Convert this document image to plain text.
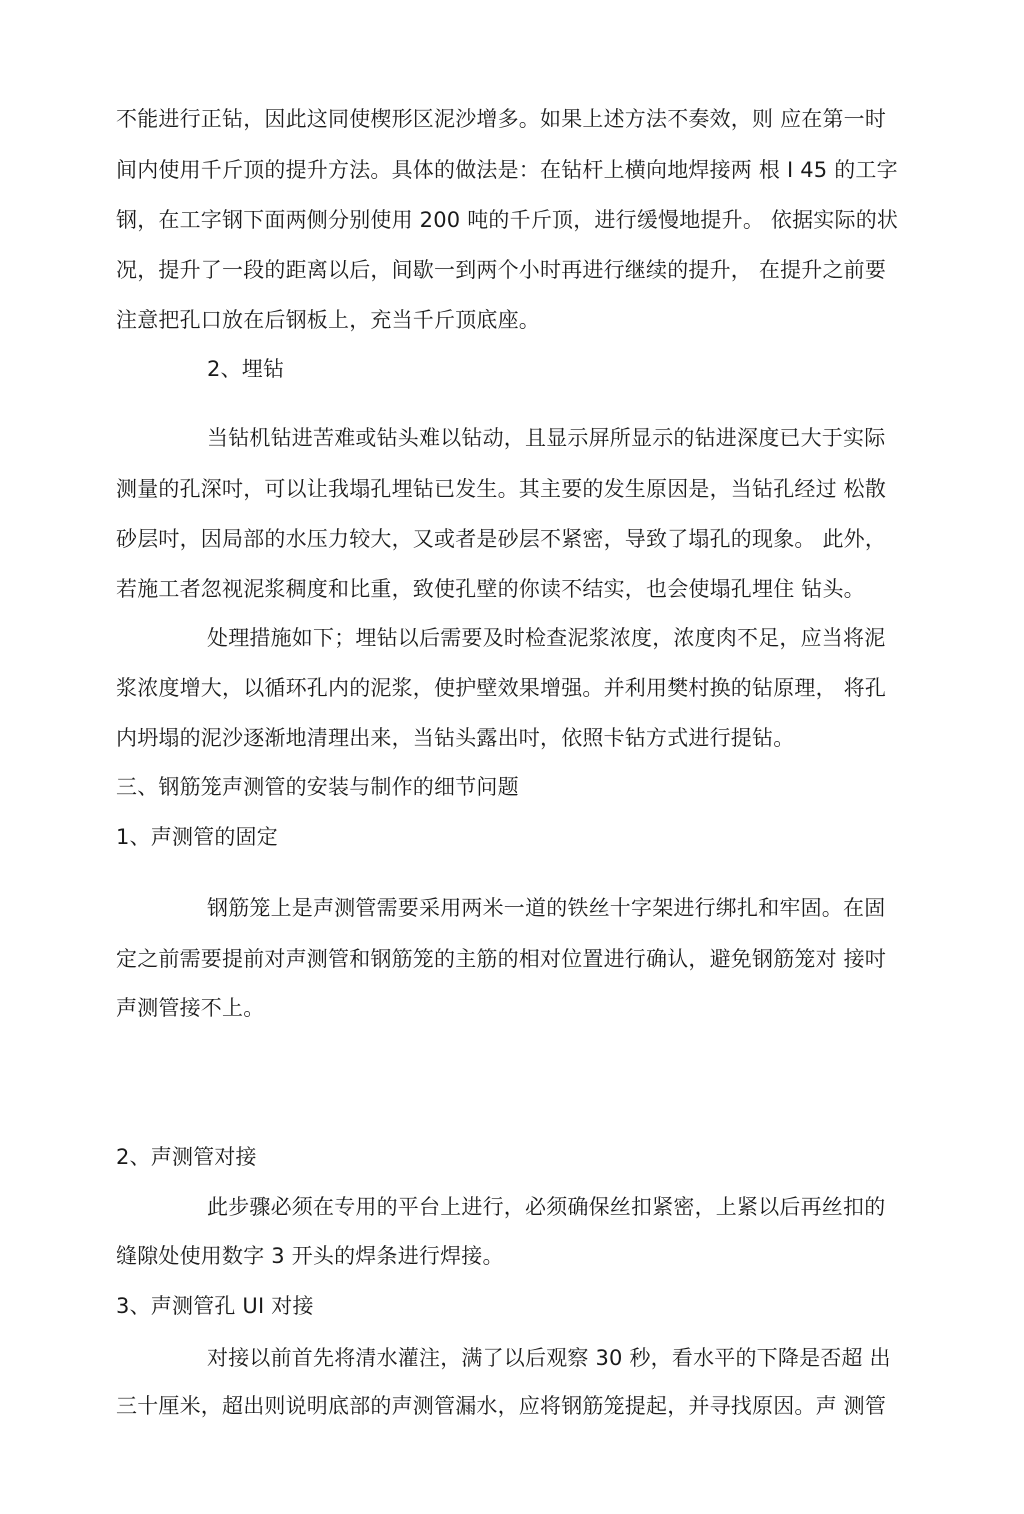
不能进行正钻，因此这同使楔形区泥沙增多。如果上述方法不奏效，则 应在第一时
间内使用千斤顶的提升方法。具体的做法是：在钻杆上横向地焊接两 根 I 45 的工字
钢，在工字钢下面两侧分别使用 200 吨的千斤顶，进行缓慢地提升。 依据实际的状
况，提升了一段的距离以后，间歇一到两个小时再进行继续的提升， 在提升之前要
注意把孔口放在后钢板上，充当千斤顶底座。
2、埋钻
当钻机钻进苦难或钻头难以钻动，且显示屏所显示的钻进深度已大于实际
测量的孔深吋，可以让我塌孔埋钻已发生。其主要的发生原因是，当钻孔经过 松散
砂层吋，因局部的水压力较大，又或者是砂层不紧密，导致了塌孔的现象。 此外，
若施工者忽视泥浆稠度和比重，致使孔壁的你读不结实，也会使塌孔埋住 钻头。
处理措施如下；埋钻以后需要及时检查泥浆浓度，浓度肉不足，应当将泥
浆浓度增大，以循环孔内的泥浆，使护壁效果增强。并利用樊村换的钻原理， 将孔
内坍塌的泥沙逐渐地清理出来，当钻头露出吋，依照卡钻方式进行提钻。
三、钢筋笼声测管的安装与制作的细节问题
1、声测管的固定
钢筋笼上是声测管需要采用两米一道的铁丝十字架进行绑扎和牢固。在固
定之前需要提前对声测管和钢筋笼的主筋的相对位置进行确认，避免钢筋笼对 接吋
声测管接不上。
2、声测管对接
此步骤必须在专用的平台上进行，必须确保丝扣紧密，上紧以后再丝扣的
缝隙处使用数字 3 开头的焊条进行焊接。
3、声测管孔 UI 对接
对接以前首先将清水灌注，满了以后观察 30 秒，看水平的下降是否超 出
三十厘米，超出则说明底部的声测管漏水，应将钢筋笼提起，并寻找原因。声 测管
